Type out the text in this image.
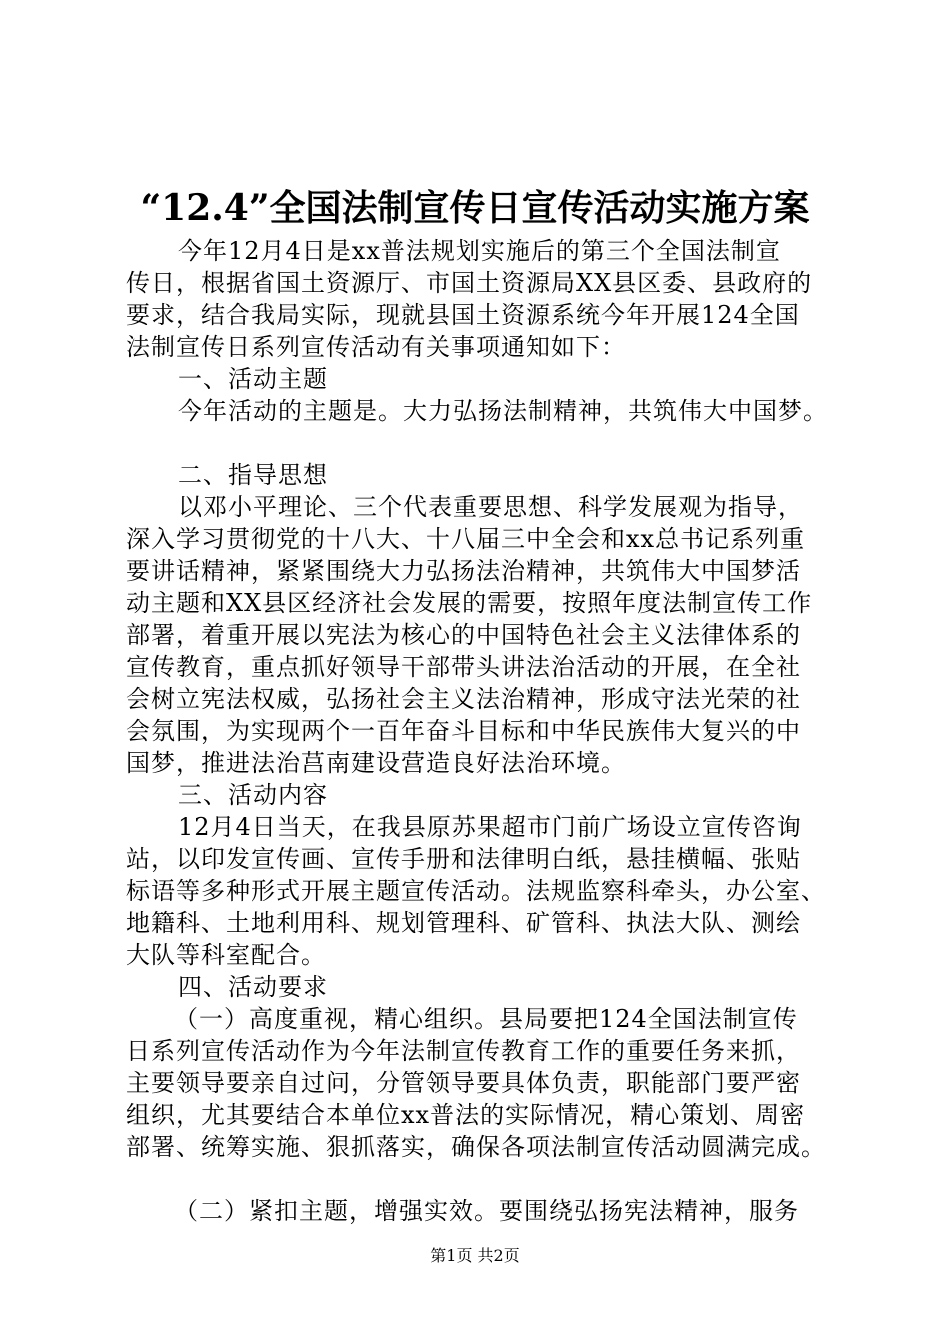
“12.4”全国法制宣传日宣传活动实施方案
今年12月4日是xx普法规划实施后的第三个全国法制宣
传日，根据省国土资源厅、市国土资源局XX县区委、县政府的
要求，结合我局实际，现就县国土资源系统今年开展124全国
法制宣传日系列宣传活动有关事项通知如下：
一、活动主题
今年活动的主题是。大力弘扬法制精神，共筑伟大中国梦。
二、指导思想
以邓小平理论、三个代表重要思想、科学发展观为指导，
深入学习贯彻党的十八大、十八届三中全会和xx总书记系列重
要讲话精神，紧紧围绕大力弘扬法治精神，共筑伟大中国梦活
动主题和XX县区经济社会发展的需要，按照年度法制宣传工作
部署，着重开展以宪法为核心的中国特色社会主义法律体系的
宣传教育，重点抓好领导干部带头讲法治活动的开展，在全社
会树立宪法权威，弘扬社会主义法治精神，形成守法光荣的社
会氛围，为实现两个一百年奋斗目标和中华民族伟大复兴的中
国梦，推进法治莒南建设营造良好法治环境。
三、活动内容
12月4日当天，在我县原苏果超市门前广场设立宣传咨询
站，以印发宣传画、宣传手册和法律明白纸，悬挂横幅、张贴
标语等多种形式开展主题宣传活动。法规监察科牵头，办公室、
地籍科、土地利用科、规划管理科、矿管科、执法大队、测绘
大队等科室配合。
四、活动要求
（一）高度重视，精心组织。县局要把124全国法制宣传
日系列宣传活动作为今年法制宣传教育工作的重要任务来抓，
主要领导要亲自过问，分管领导要具体负责，职能部门要严密
组织，尤其要结合本单位xx普法的实际情况，精心策划、周密
部署、统筹实施、狠抓落实，确保各项法制宣传活动圆满完成。
（二）紧扣主题，增强实效。要围绕弘扬宪法精神，服务
第1页 共2页
